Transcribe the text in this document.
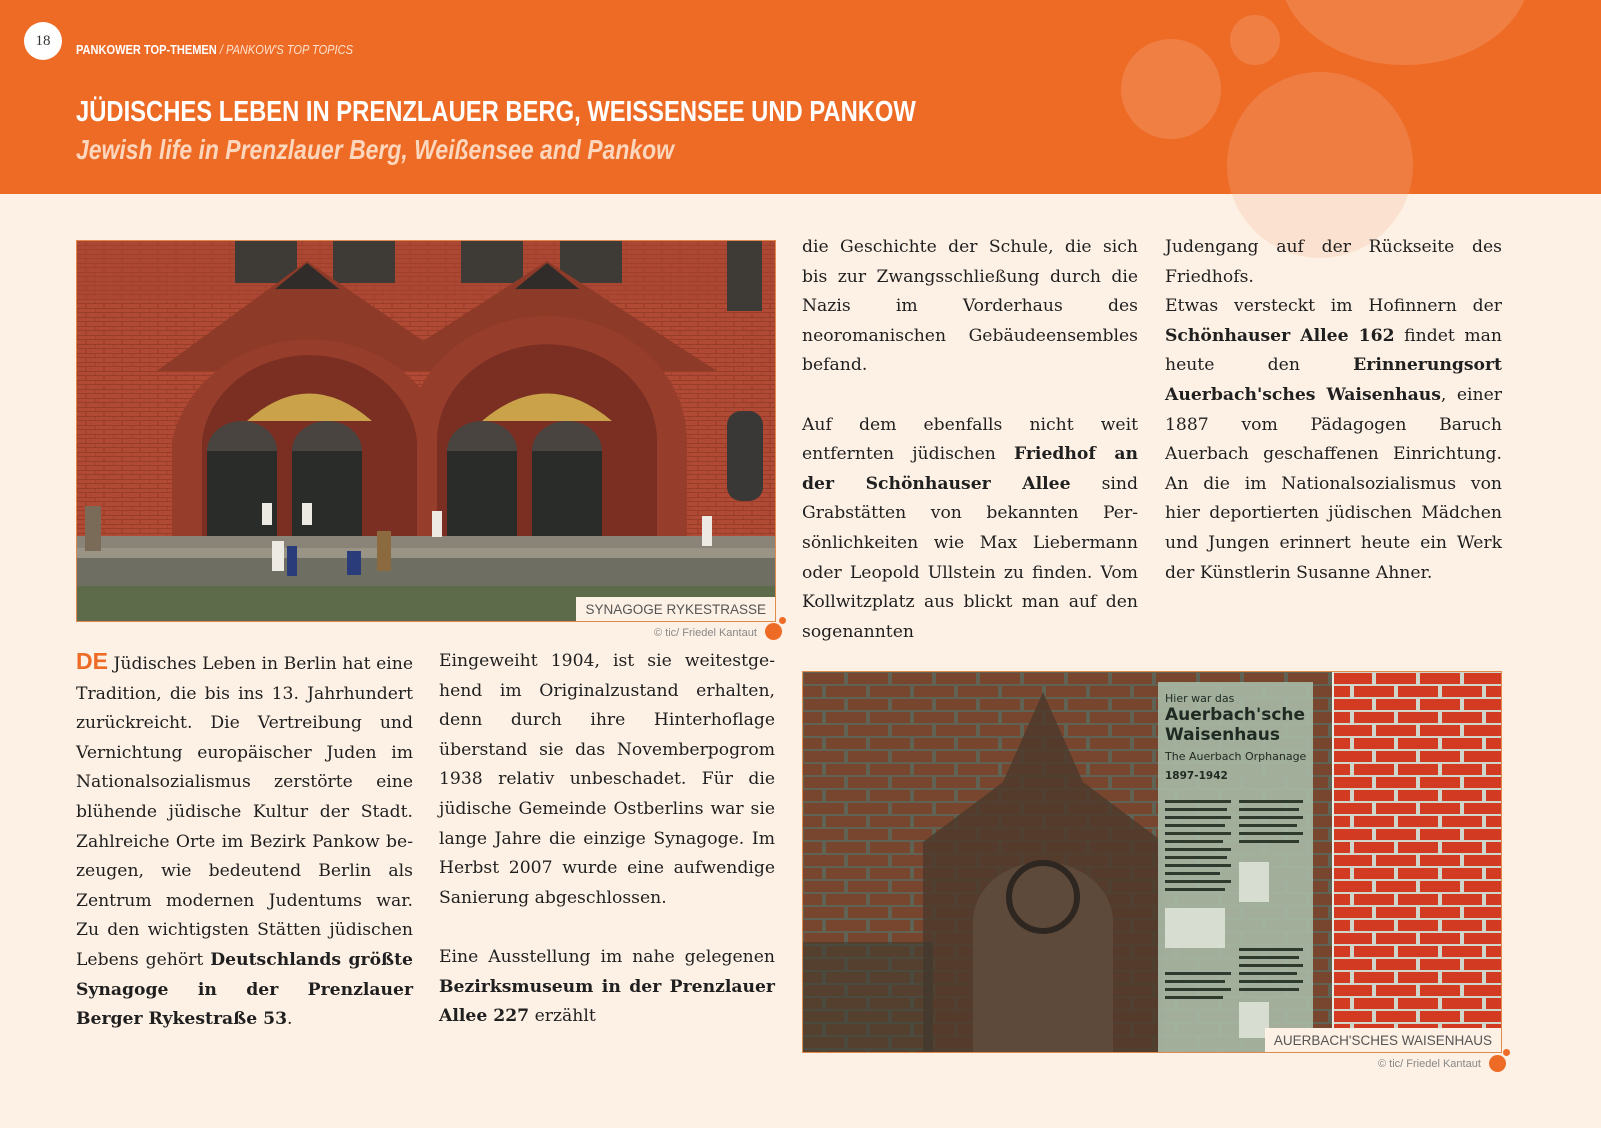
18
PANKOWER TOP-THEMEN / PANKOW'S TOP TOPICS
JÜDISCHES LEBEN IN PRENZLAUER BERG, WEISSENSEE UND PANKOW
Jewish life in Prenzlauer Berg, Weißensee and Pankow
SYNAGOGE RYKESTRASSE
© tic/ Friedel Kantaut

DE Jüdisches Leben in Berlin hat eine Tradition, die bis ins 13. Jahrhundert zurückreicht. Die Vertreibung und Vernichtung europäischer Juden im Nationalsozialismus zerstörte eine blühende jüdische Kultur der Stadt. Zahlreiche Orte im Bezirk Pankow bezeugen, wie bedeutend Berlin als Zentrum modernen Judentums war. Zu den wichtigsten Stätten jüdischen Lebens gehört Deutschlands größte Synagoge in der Prenzlauer Berger Rykestraße 53.

Eingeweiht 1904, ist sie weitestgehend im Originalzustand erhalten, denn durch ihre Hinterhoflage überstand sie das Novemberpogrom 1938 relativ unbeschadet. Für die jüdische Gemeinde Ostberlins war sie lange Jahre die einzige Synagoge. Im Herbst 2007 wurde eine aufwendige Sanierung abgeschlossen.

Eine Ausstellung im nahe gelegenen Bezirksmuseum in der Prenzlauer Allee 227 erzählt

die Geschichte der Schule, die sich bis zur Zwangsschließung durch die Nazis im Vorderhaus des neoromanischen Gebäudeensembles befand.

Auf dem ebenfalls nicht weit entfernten jüdischen Friedhof an der Schönhauser Allee sind Grabstätten von bekannten Persönlichkeiten wie Max Liebermann oder Leopold Ullstein zu finden. Vom Kollwitzplatz aus blickt man auf den sogenannten

Judengang auf der Rückseite des Friedhofs.

Etwas versteckt im Hofinnern der Schönhauser Allee 162 findet man heute den Erinnerungsort Auerbach'sches Waisenhaus, einer 1887 vom Pädagogen Baruch Auerbach geschaffenen Einrichtung. An die im Nationalsozialismus von hier deportierten jüdischen Mädchen und Jungen erinnert heute ein Werk der Künstlerin Susanne Ahner.

Hier war das
Auerbach'sche
Waisenhaus
The Auerbach Orphanage
1897-1942
AUERBACH'SCHES WAISENHAUS
© tic/ Friedel Kantaut
